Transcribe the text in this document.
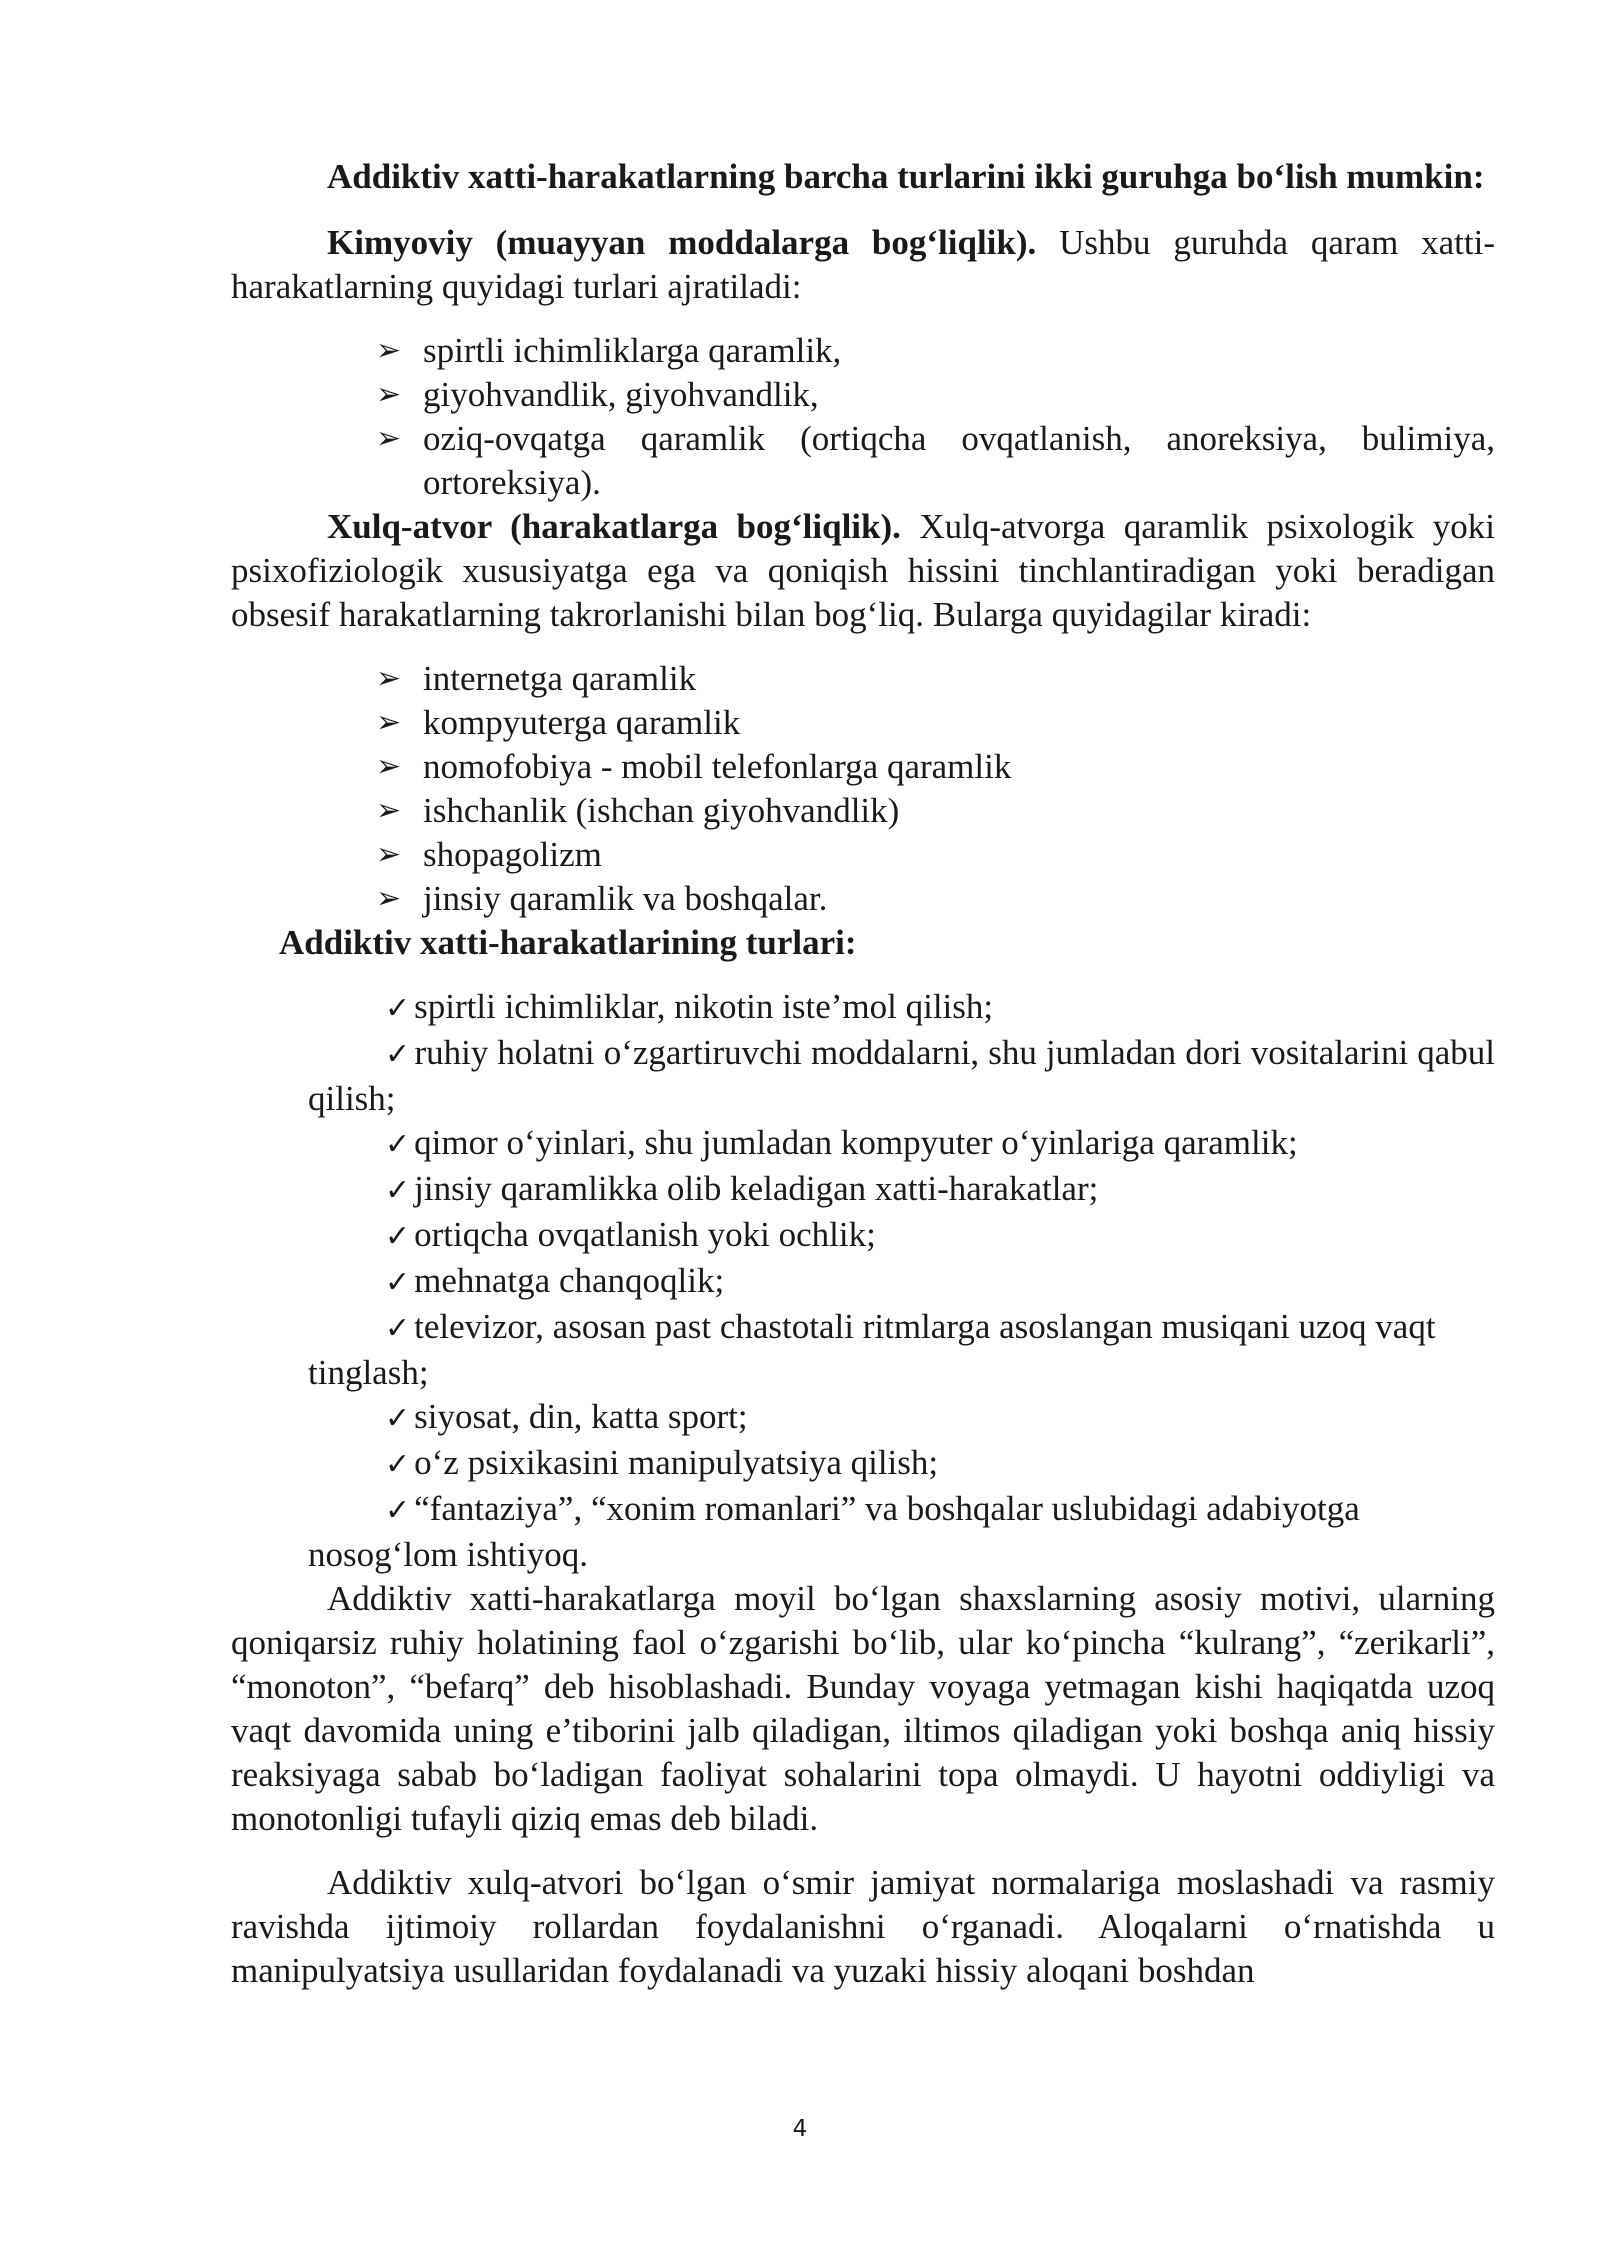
Addiktiv xatti-harakatlarning barcha turlarini ikki guruhga bo‘lish mumkin:

Kimyoviy (muayyan moddalarga bog‘liqlik). Ushbu guruhda qaram xatti-harakatlarning quyidagi turlari ajratiladi:

➢ spirtli ichimliklarga qaramlik,
➢ giyohvandlik, giyohvandlik,
➢ oziq-ovqatga qaramlik (ortiqcha ovqatlanish, anoreksiya, bulimiya, ortoreksiya).

Xulq-atvor (harakatlarga bog‘liqlik). Xulq-atvorga qaramlik psixologik yoki psixofiziologik xususiyatga ega va qoniqish hissini tinchlantiradigan yoki beradigan obsesif harakatlarning takrorlanishi bilan bog‘liq. Bularga quyidagilar kiradi:

➢ internetga qaramlik
➢ kompyuterga qaramlik
➢ nomofobiya - mobil telefonlarga qaramlik
➢ ishchanlik (ishchan giyohvandlik)
➢ shopagolizm
➢ jinsiy qaramlik va boshqalar.

Addiktiv xatti-harakatlarining turlari:

✓ spirtli ichimliklar, nikotin iste’mol qilish;

✓ ruhiy holatni o‘zgartiruvchi moddalarni, shu jumladan dori vositalarini qabul qilish;

✓ qimor o‘yinlari, shu jumladan kompyuter o‘yinlariga qaramlik;

✓ jinsiy qaramlikka olib keladigan xatti-harakatlar;

✓ ortiqcha ovqatlanish yoki ochlik;

✓ mehnatga chanqoqlik;

✓ televizor, asosan past chastotali ritmlarga asoslangan musiqani uzoq vaqt tinglash;

✓ siyosat, din, katta sport;

✓ o‘z psixikasini manipulyatsiya qilish;

✓ “fantaziya”, “xonim romanlari” va boshqalar uslubidagi adabiyotga nosog‘lom ishtiyoq.

Addiktiv xatti-harakatlarga moyil bo‘lgan shaxslarning asosiy motivi, ularning qoniqarsiz ruhiy holatining faol o‘zgarishi bo‘lib, ular ko‘pincha “kulrang”, “zerikarli”, “monoton”, “befarq” deb hisoblashadi. Bunday voyaga yetmagan kishi haqiqatda uzoq vaqt davomida uning e’tiborini jalb qiladigan, iltimos qiladigan yoki boshqa aniq hissiy reaksiyaga sabab bo‘ladigan faoliyat sohalarini topa olmaydi. U hayotni oddiyligi va monotonligi tufayli qiziq emas deb biladi.

Addiktiv xulq-atvori bo‘lgan o‘smir jamiyat normalariga moslashadi va rasmiy ravishda ijtimoiy rollardan foydalanishni o‘rganadi. Aloqalarni o‘rnatishda u manipulyatsiya usullaridan foydalanadi va yuzaki hissiy aloqani boshdan

4
